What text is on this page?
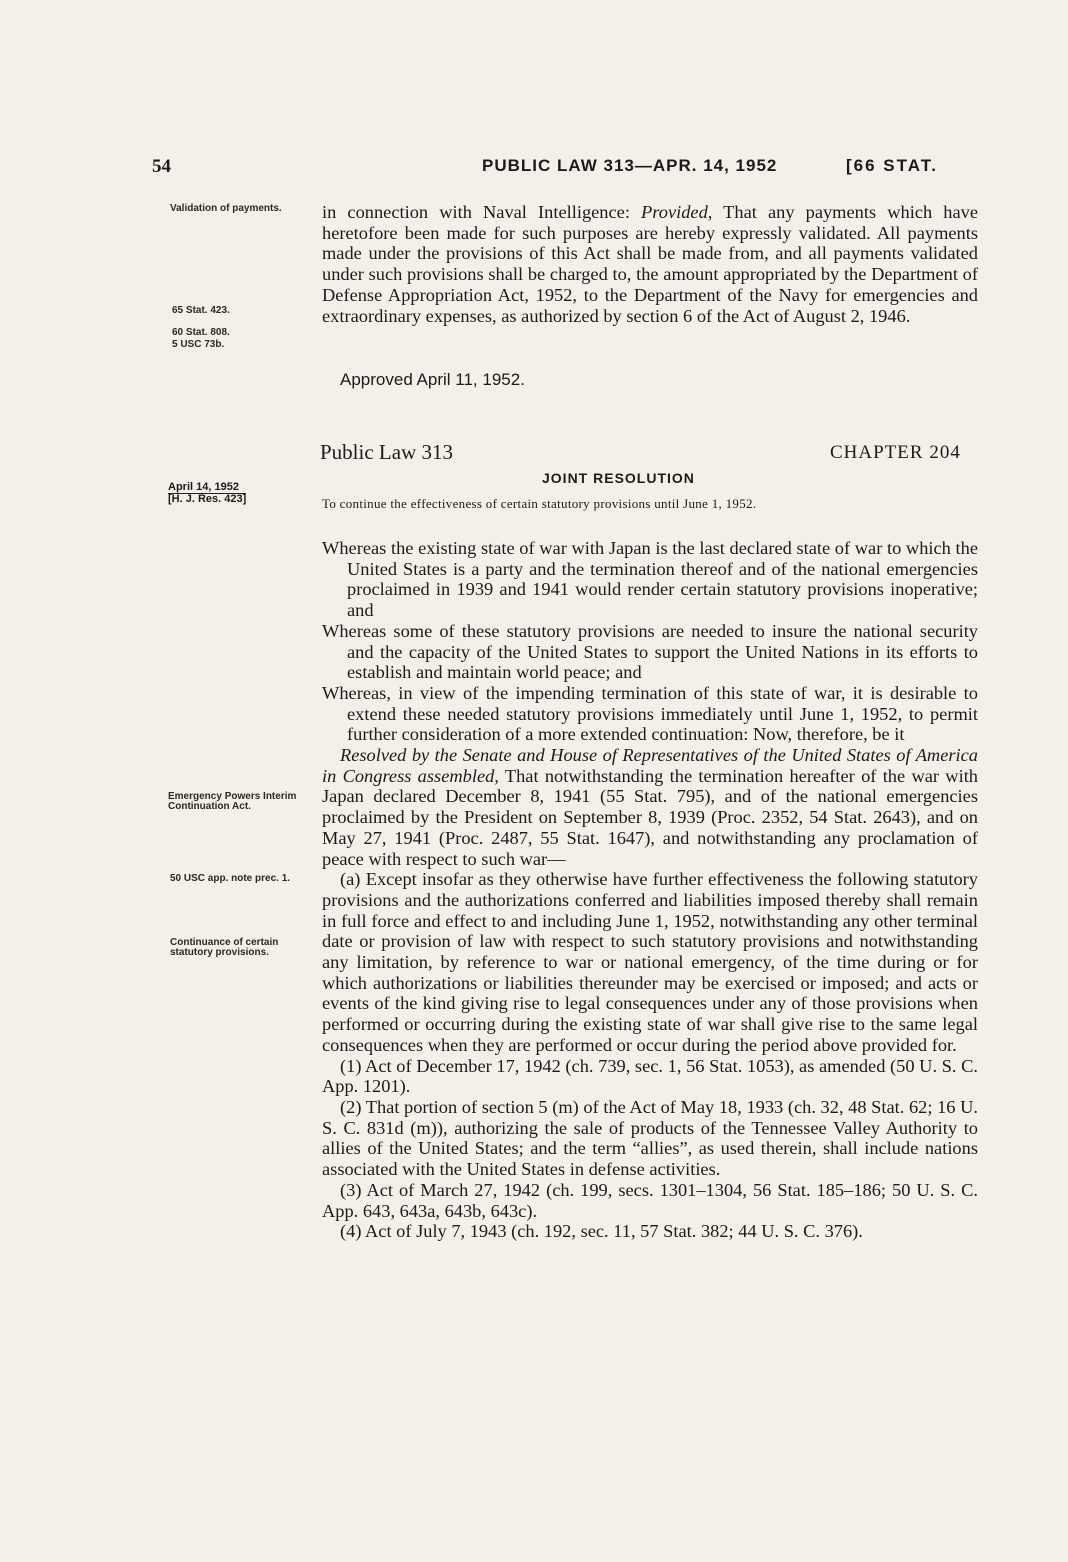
54	PUBLIC LAW 313—APR. 14, 1952	[66 STAT.
Validation of payments.
65 Stat. 423.
60 Stat. 808.
5 USC 73b.
April 14, 1952
[H. J. Res. 423]
Emergency Powers Interim Continuation Act.
50 USC app. note prec. 1.
Continuance of certain statutory provisions.

in connection with Naval Intelligence: Provided, That any payments which have heretofore been made for such purposes are hereby expressly validated. All payments made under the provisions of this Act shall be made from, and all payments validated under such provisions shall be charged to, the amount appropriated by the Department of Defense Appropriation Act, 1952, to the Department of the Navy for emergencies and extraordinary expenses, as authorized by section 6 of the Act of August 2, 1946.

Approved April 11, 1952.
Public Law 313	CHAPTER 204
JOINT RESOLUTION
To continue the effectiveness of certain statutory provisions until June 1, 1952.

Whereas the existing state of war with Japan is the last declared state of war to which the United States is a party and the termination thereof and of the national emergencies proclaimed in 1939 and 1941 would render certain statutory provisions inoperative; and

Whereas some of these statutory provisions are needed to insure the national security and the capacity of the United States to support the United Nations in its efforts to establish and maintain world peace; and

Whereas, in view of the impending termination of this state of war, it is desirable to extend these needed statutory provisions immediately until June 1, 1952, to permit further consideration of a more extended continuation: Now, therefore, be it

Resolved by the Senate and House of Representatives of the United States of America in Congress assembled, That notwithstanding the termination hereafter of the war with Japan declared December 8, 1941 (55 Stat. 795), and of the national emergencies proclaimed by the President on September 8, 1939 (Proc. 2352, 54 Stat. 2643), and on May 27, 1941 (Proc. 2487, 55 Stat. 1647), and notwithstanding any proclamation of peace with respect to such war—

(a) Except insofar as they otherwise have further effectiveness the following statutory provisions and the authorizations conferred and liabilities imposed thereby shall remain in full force and effect to and including June 1, 1952, notwithstanding any other terminal date or provision of law with respect to such statutory provisions and notwithstanding any limitation, by reference to war or national emergency, of the time during or for which authorizations or liabilities thereunder may be exercised or imposed; and acts or events of the kind giving rise to legal consequences under any of those provisions when performed or occurring during the existing state of war shall give rise to the same legal consequences when they are performed or occur during the period above provided for.

(1) Act of December 17, 1942 (ch. 739, sec. 1, 56 Stat. 1053), as amended (50 U. S. C. App. 1201).

(2) That portion of section 5 (m) of the Act of May 18, 1933 (ch. 32, 48 Stat. 62; 16 U. S. C. 831d (m)), authorizing the sale of products of the Tennessee Valley Authority to allies of the United States; and the term “allies”, as used therein, shall include nations associated with the United States in defense activities.

(3) Act of March 27, 1942 (ch. 199, secs. 1301–1304, 56 Stat. 185–186; 50 U. S. C. App. 643, 643a, 643b, 643c).

(4) Act of July 7, 1943 (ch. 192, sec. 11, 57 Stat. 382; 44 U. S. C. 376).
